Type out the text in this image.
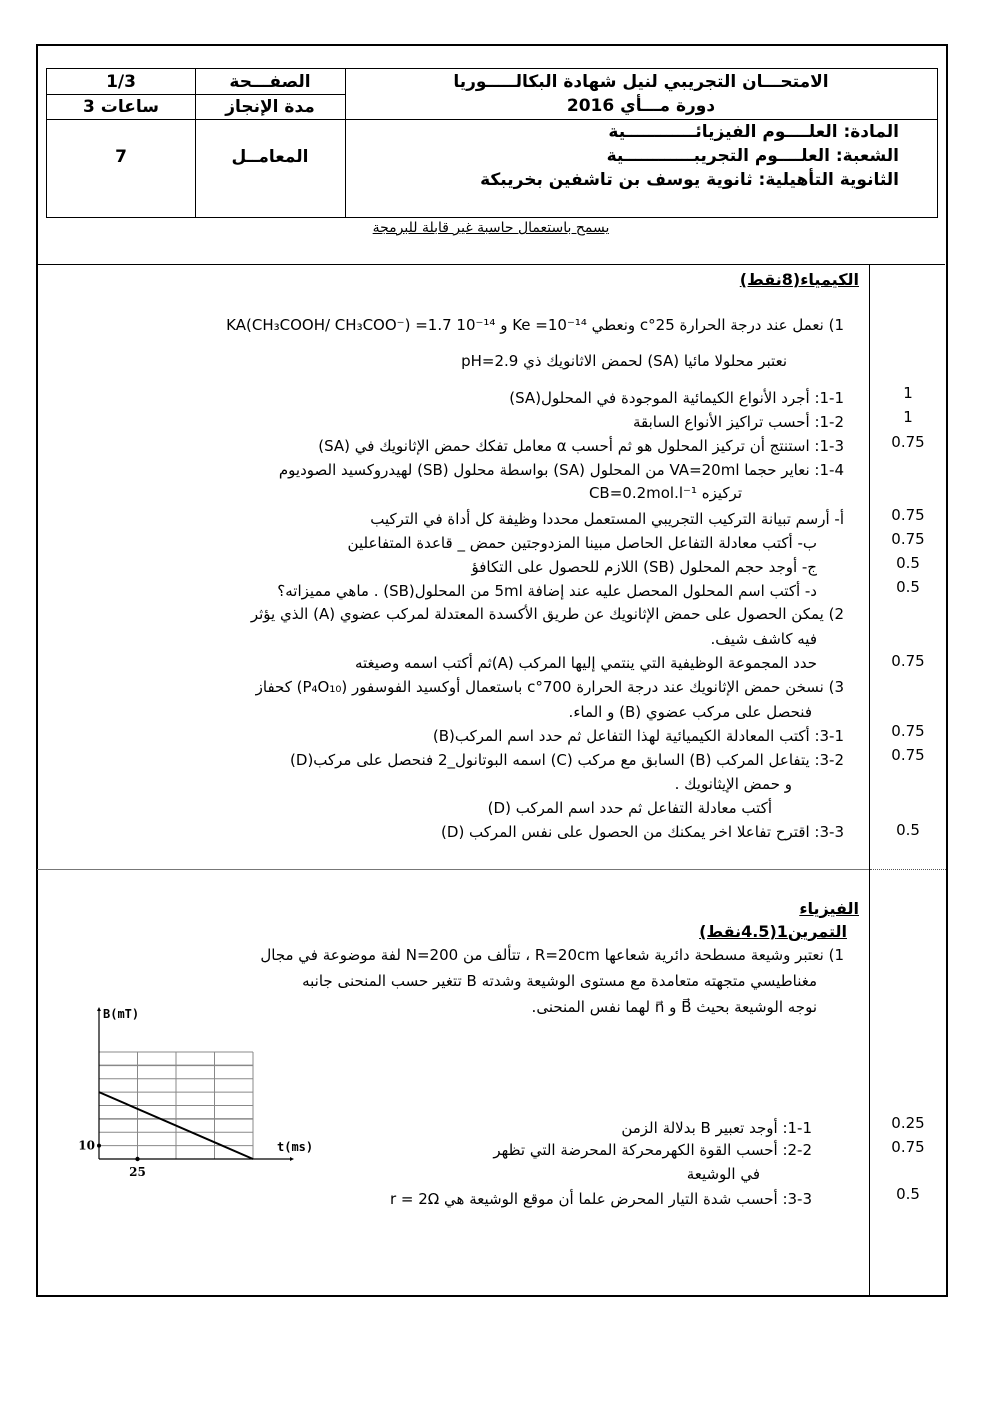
1/3	الصفـــحة
3 ساعات	مدة الإنجاز
7	المعامــل
الامتحـــان التجريبي لنيل شهادة البكالـــــوريا
دورة مـــأي 2016
المادة: العلــــوم الفيزيائــــــــــــية
الشعبة: العلــــوم التجريبــــــــــــية
الثانوية التأهيلية: ثانوية يوسف بن تاشفين بخريبكة
يسمح باستعمال حاسبة غير قابلة للبرمجة
الكيمياء(8نقط)
1) نعمل عند درجة الحرارة 25°c ونعطي Ke =10⁻¹⁴ و KA(CH₃COOH/ CH₃COO⁻) =1.7 10⁻¹⁴
نعتبر محلولا مائيا (SA) لحمض الاثانويك ذي pH=2.9
1-1: أجرد الأنواع الكيمائية الموجودة في المحلول(SA)	1
1-2: أحسب تراكيز الأنواع السابقة	1
1-3: استنتج أن تركيز المحلول هو ثم أحسب α معامل تفكك حمض الإثانويك في (SA)	0.75
1-4: نعاير حجما VA=20ml من المحلول (SA) بواسطة محلول (SB) لهيدروكسيد الصوديوم
تركيزه CB=0.2mol.l⁻¹
أ- أرسم تبيانة التركيب التجريبي المستعمل محددا وظيفة كل أداة في التركيب	0.75
ب- أكتب معادلة التفاعل الحاصل مبينا المزدوجتين حمض _ قاعدة المتفاعلين	0.75
ج- أوجد حجم المحلول (SB) اللازم للحصول على التكافؤ	0.5
د- أكتب اسم المحلول المحصل عليه عند إضافة 5ml من المحلول(SB) . ماهي مميزاته؟	0.5
2) يمكن الحصول على حمض الإثانويك عن طريق الأكسدة المعتدلة لمركب عضوي (A) الذي يؤثر
فيه كاشف شيف.
حدد المجموعة الوظيفية التي ينتمي إليها المركب (A)ثم أكتب اسمه وصيغته	0.75
3) نسخن حمض الإثانويك عند درجة الحرارة 700°c باستعمال أوكسيد الفوسفور (P₄O₁₀) كحفاز
فنحصل على مركب عضوي (B) و الماء.
3-1: أكتب المعادلة الكيميائية لهذا التفاعل ثم حدد اسم المركب(B)	0.75
3-2: يتفاعل المركب (B) السابق مع مركب (C) اسمه البوتانول_2 فنحصل على مركب(D)	0.75
و حمض الإيثانويك .
أكتب معادلة التفاعل ثم حدد اسم المركب (D)
3-3: اقترح تفاعلا اخر يمكنك من الحصول على نفس المركب (D)	0.5
الفيزياء
التمرين1(4.5نقط)
1) نعتبر وشيعة مسطحة دائرية شعاعها R=20cm ، تتألف من N=200 لفة موضوعة في مجال
مغناطيسي متجهته متعامدة مع مستوى الوشيعة وشدته B تتغير حسب المنحنى جانبه
نوجه الوشيعة بحيث B⃗ و n⃗ لهما نفس المنحنى.
1-1: أوجد تعبير B بدلالة الزمن	0.25
2-2: أحسب القوة الكهرمحركة المحرضة التي تظهر	0.75
في الوشيعة
3-3: أحسب شدة التيار المحرض علما أن موقع الوشيعة هي r = 2Ω	0.5
B(mT)
t(ms)
10
25
